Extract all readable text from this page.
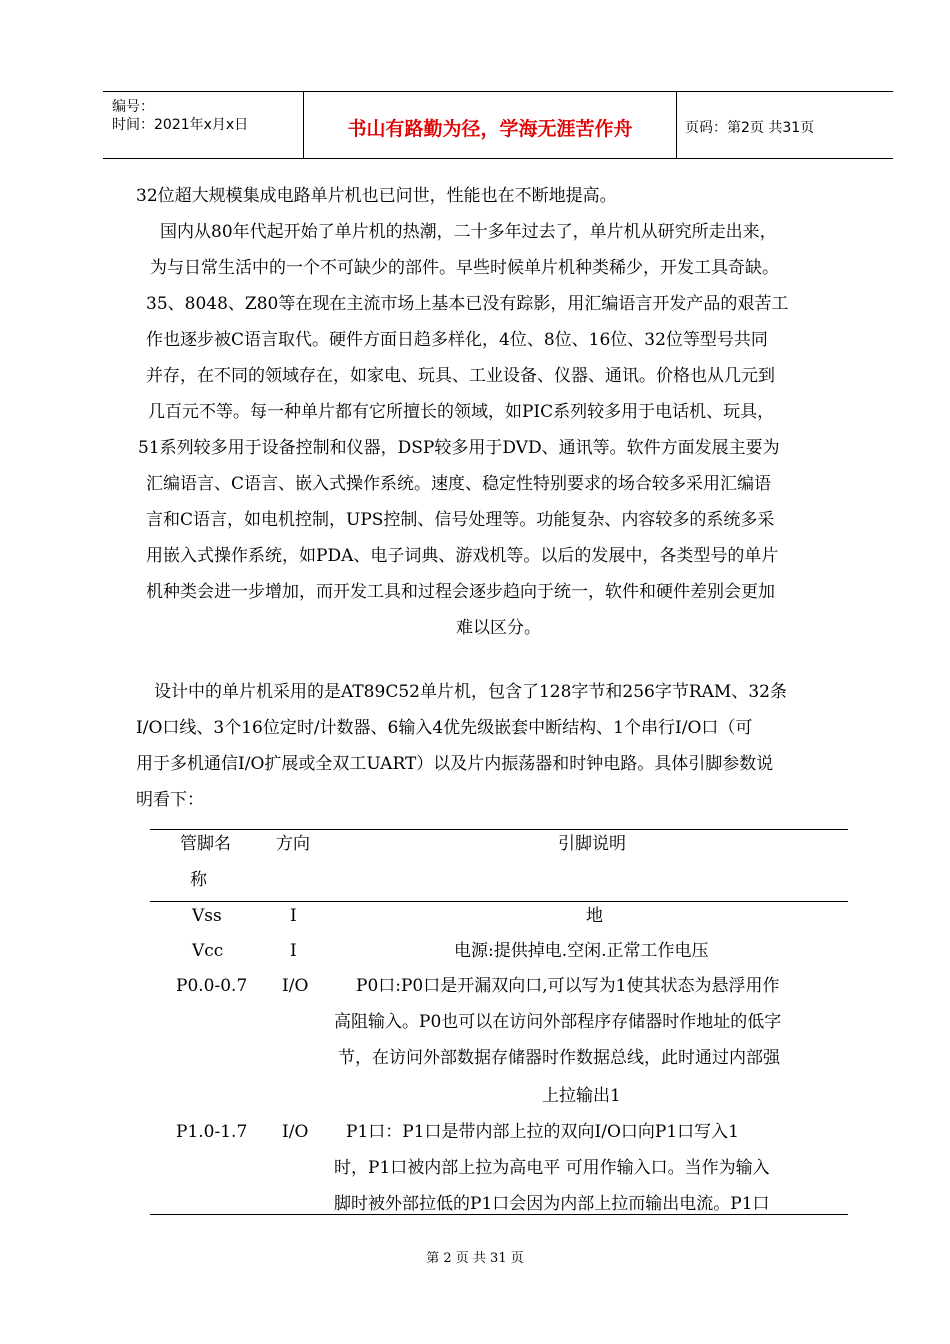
编号：
时间：2021年x月x日	书山有路勤为径，学海无涯苦作舟	页码：第2页 共31页
32位超大规模集成电路单片机也已问世，性能也在不断地提高。
国内从80年代起开始了单片机的热潮，二十多年过去了，单片机从研究所走出来，
为与日常生活中的一个不可缺少的部件。早些时候单片机种类稀少，开发工具奇缺。
35、8048、Z80等在现在主流市场上基本已没有踪影，用汇编语言开发产品的艰苦工
作也逐步被C语言取代。硬件方面日趋多样化，4位、8位、16位、32位等型号共同
并存，在不同的领域存在，如家电、玩具、工业设备、仪器、通讯。价格也从几元到
几百元不等。每一种单片都有它所擅长的领域，如PIC系列较多用于电话机、玩具，
51系列较多用于设备控制和仪器，DSP较多用于DVD、通讯等。软件方面发展主要为
汇编语言、C语言、嵌入式操作系统。速度、稳定性特别要求的场合较多采用汇编语
言和C语言，如电机控制，UPS控制、信号处理等。功能复杂、内容较多的系统多采
用嵌入式操作系统，如PDA、电子词典、游戏机等。以后的发展中，各类型号的单片
机种类会进一步增加，而开发工具和过程会逐步趋向于统一，软件和硬件差别会更加
难以区分。
设计中的单片机采用的是AT89C52单片机，包含了128字节和256字节RAM、32条
I/O口线、3个16位定时/计数器、6输入4优先级嵌套中断结构、1个串行I/O口（可
用于多机通信I/O扩展或全双工UART）以及片内振荡器和时钟电路。具体引脚参数说
明看下：
管脚名
称
方向	引脚说明
Vss	I	地
Vcc	I	电源:提供掉电.空闲.正常工作电压
P0.0-0.7 I/O	P0口:P0口是开漏双向口,可以写为1使其状态为悬浮用作
高阻输入。P0也可以在访问外部程序存储器时作地址的低字
节，在访问外部数据存储器时作数据总线，此时通过内部强
上拉输出1
P1.0-1.7 I/O P1口：P1口是带内部上拉的双向I/O口向P1口写入1
时，P1口被内部上拉为高电平 可用作输入口。当作为输入
脚时被外部拉低的P1口会因为内部上拉而输出电流。P1口
第 2 页 共 31 页
